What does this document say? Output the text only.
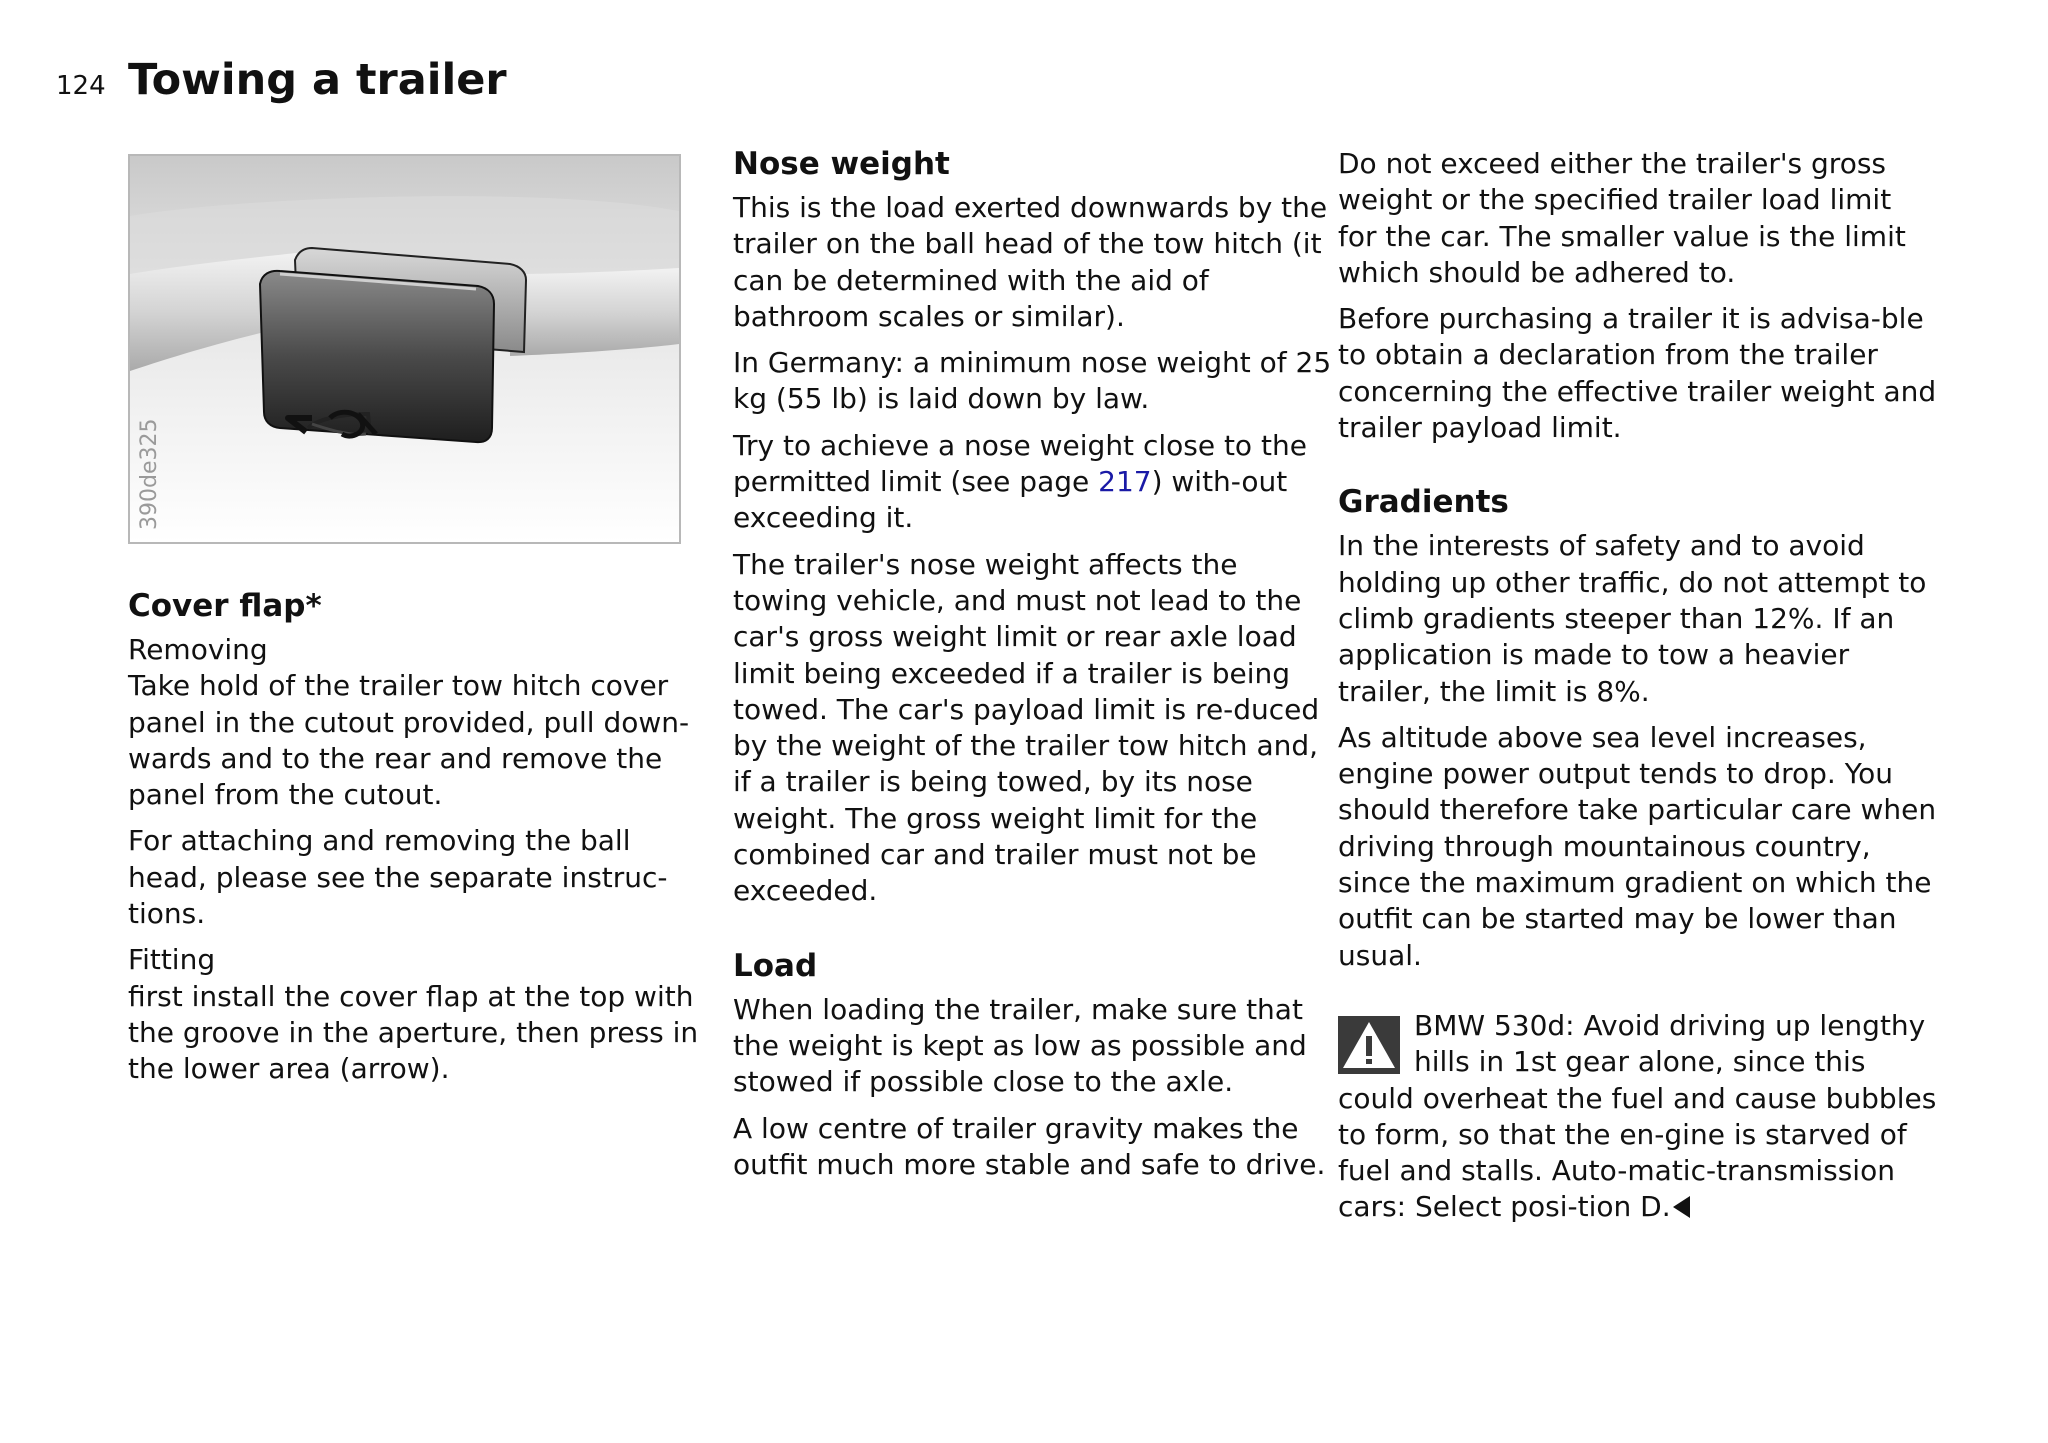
124 Towing a trailer
390de325
Cover flap*

Removing
Take hold of the trailer tow hitch cover panel in the cutout provided, pull down-wards and to the rear and remove the panel from the cutout.

For attaching and removing the ball head, please see the separate instruc-tions.

Fitting
first install the cover flap at the top with the groove in the aperture, then press in the lower area (arrow).

Nose weight

This is the load exerted downwards by the trailer on the ball head of the tow hitch (it can be determined with the aid of bathroom scales or similar).

In Germany: a minimum nose weight of 25 kg (55 lb) is laid down by law.

Try to achieve a nose weight close to the permitted limit (see page 217) with-out exceeding it.

The trailer's nose weight affects the towing vehicle, and must not lead to the car's gross weight limit or rear axle load limit being exceeded if a trailer is being towed. The car's payload limit is re-duced by the weight of the trailer tow hitch and, if a trailer is being towed, by its nose weight. The gross weight limit for the combined car and trailer must not be exceeded.

Load

When loading the trailer, make sure that the weight is kept as low as possible and stowed if possible close to the axle.

A low centre of trailer gravity makes the outfit much more stable and safe to drive.

Do not exceed either the trailer's gross weight or the specified trailer load limit for the car. The smaller value is the limit which should be adhered to.

Before purchasing a trailer it is advisa-ble to obtain a declaration from the trailer concerning the effective trailer weight and trailer payload limit.

Gradients

In the interests of safety and to avoid holding up other traffic, do not attempt to climb gradients steeper than 12%. If an application is made to tow a heavier trailer, the limit is 8%.

As altitude above sea level increases, engine power output tends to drop. You should therefore take particular care when driving through mountainous country, since the maximum gradient on which the outfit can be started may be lower than usual.

BMW 530d: Avoid driving up lengthy hills in 1st gear alone, since this could overheat the fuel and cause bubbles to form, so that the en-gine is starved of fuel and stalls. Auto-matic-transmission cars: Select posi-tion D.
